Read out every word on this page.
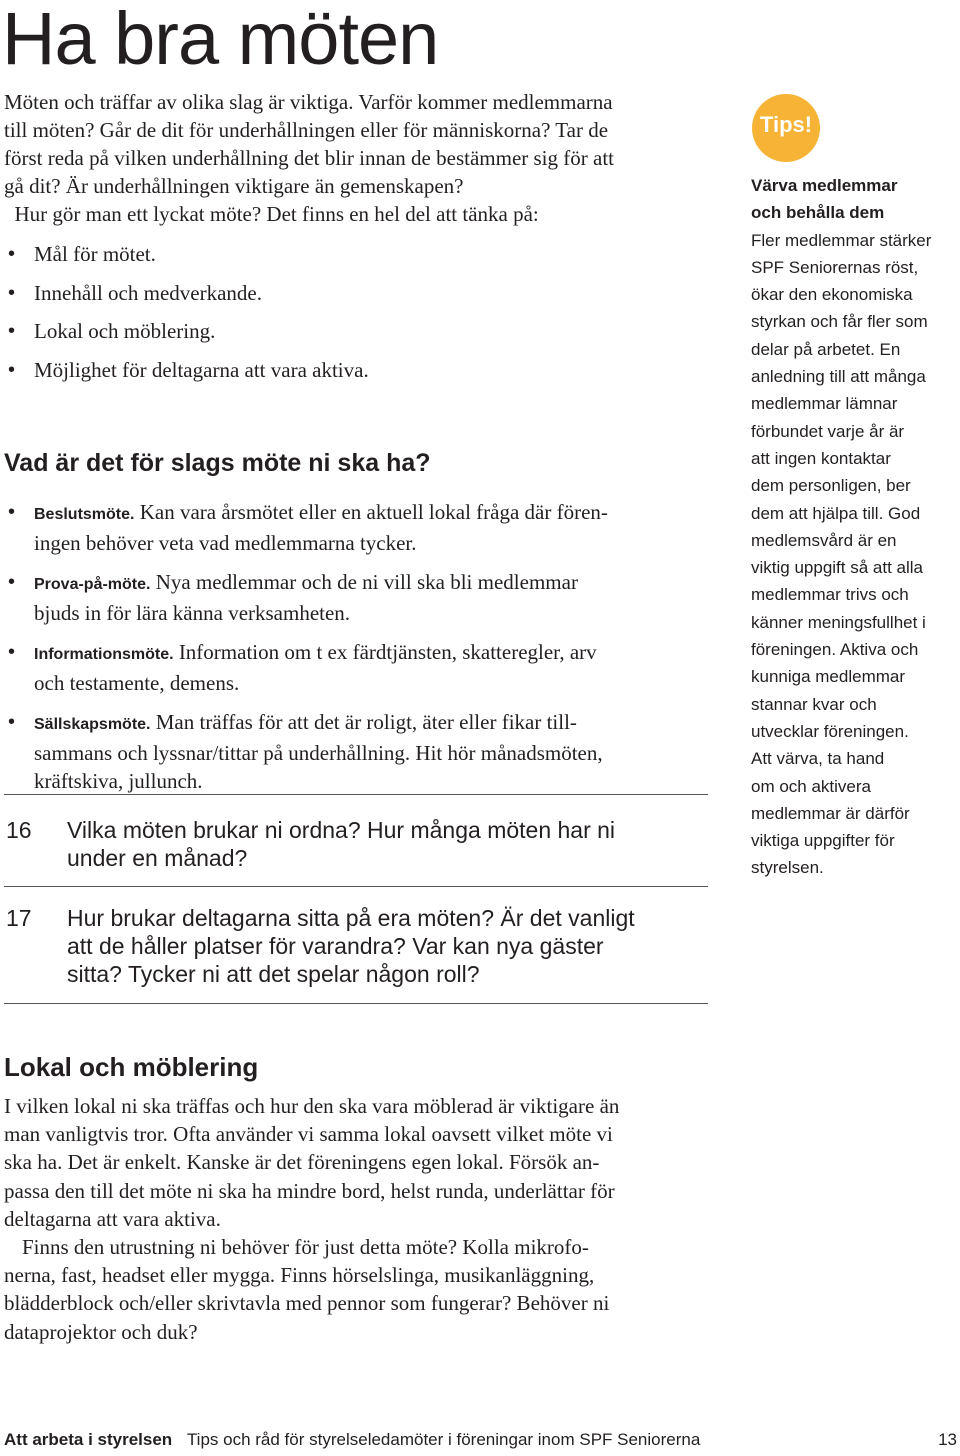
Ha bra möten
Möten och träffar av olika slag är viktiga. Varför kommer medlemmarna
till möten? Går de dit för underhållningen eller för människorna? Tar de
först reda på vilken underhållning det blir innan de bestämmer sig för att
gå dit? Är underhållningen viktigare än gemenskapen?
Hur gör man ett lyckat möte? Det finns en hel del att tänka på:
• Mål för mötet.
• Innehåll och medverkande.
• Lokal och möblering.
• Möjlighet för deltagarna att vara aktiva.
Vad är det för slags möte ni ska ha?
• Beslutsmöte. Kan vara årsmötet eller en aktuell lokal fråga där fören-
ingen behöver veta vad medlemmarna tycker.
• Prova-på-möte. Nya medlemmar och de ni vill ska bli medlemmar
bjuds in för lära känna verksamheten.
• Informationsmöte. Information om t ex färdtjänsten, skatteregler, arv
och testamente, demens.
• Sällskapsmöte. Man träffas för att det är roligt, äter eller fikar till-
sammans och lyssnar/tittar på underhållning. Hit hör månadsmöten,
kräftskiva, jullunch.
16 Vilka möten brukar ni ordna? Hur många möten har ni
under en månad?
17 Hur brukar deltagarna sitta på era möten? Är det vanligt
att de håller platser för varandra? Var kan nya gäster
sitta? Tycker ni att det spelar någon roll?
Tips!
Värva medlemmar
och behålla dem
Fler medlemmar stärker
SPF Seniorernas röst,
ökar den ekonomiska
styrkan och får fler som
delar på arbetet. En
anledning till att många
medlemmar lämnar
förbundet varje år är
att ingen kontaktar
dem personligen, ber
dem att hjälpa till. God
medlemsvård är en
viktig uppgift så att alla
medlemmar trivs och
känner meningsfullhet i
föreningen. Aktiva och
kunniga medlemmar
stannar kvar och
utvecklar föreningen.
Att värva, ta hand
om och aktivera
medlemmar är därför
viktiga uppgifter för
styrelsen.
Lokal och möblering
I vilken lokal ni ska träffas och hur den ska vara möblerad är viktigare än
man vanligtvis tror. Ofta använder vi samma lokal oavsett vilket möte vi
ska ha. Det är enkelt. Kanske är det föreningens egen lokal. Försök an-
passa den till det möte ni ska ha mindre bord, helst runda, underlättar för
deltagarna att vara aktiva.
Finns den utrustning ni behöver för just detta möte? Kolla mikrofo-
nerna, fast, headset eller mygga. Finns hörselslinga, musikanläggning,
blädderblock och/eller skrivtavla med pennor som fungerar? Behöver ni
dataprojektor och duk?
Att arbeta i styrelsen Tips och råd för styrelseledamöter i föreningar inom SPF Seniorerna	13
